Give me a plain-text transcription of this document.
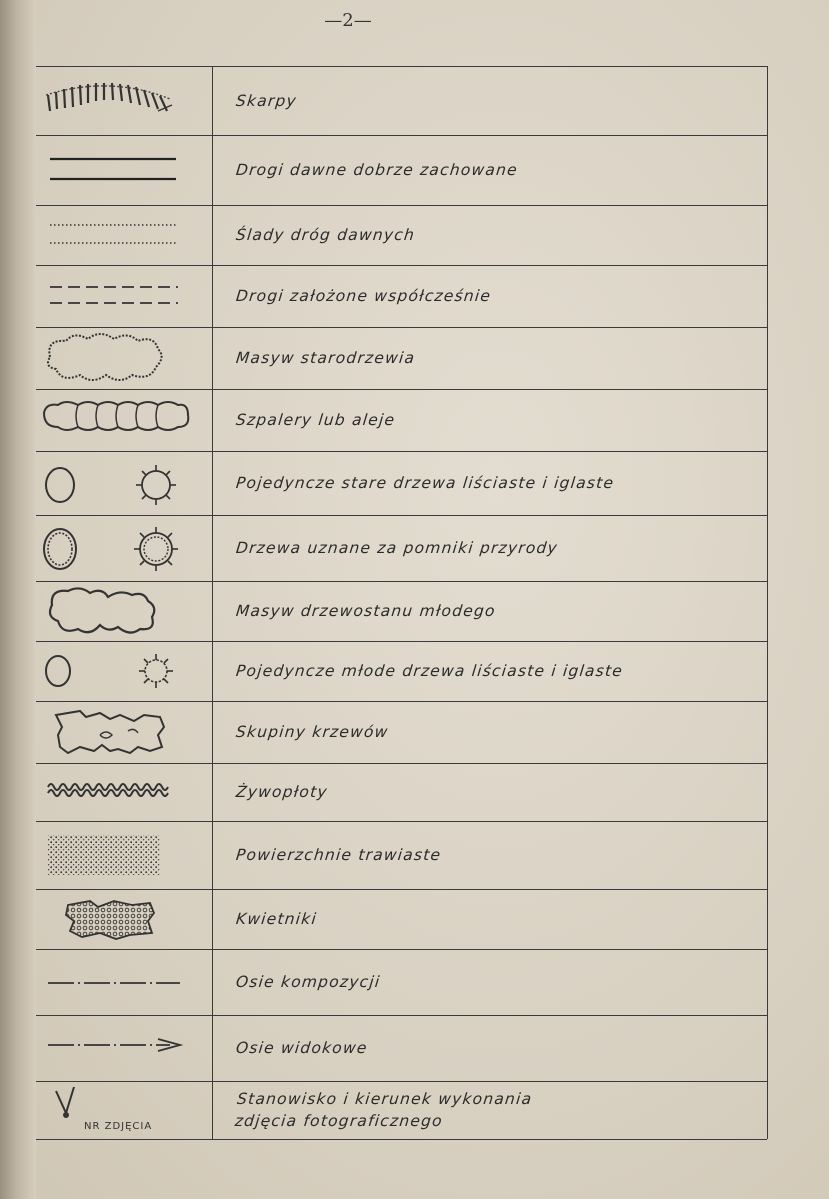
—2—
Skarpy
Drogi dawne dobrze zachowane
Ślady dróg dawnych
Drogi założone współcześnie
Masyw starodrzewia
Szpalery lub aleje
Pojedyncze stare drzewa liściaste i iglaste
Drzewa uznane za pomniki przyrody
Masyw drzewostanu młodego
Pojedyncze młode drzewa liściaste i iglaste
Skupiny krzewów
Żywopłoty
Powierzchnie trawiaste
Kwietniki
Osie kompozycji
Osie widokowe
NR ZDJĘCIA
Stanowisko i kierunek wykonania
zdjęcia fotograficznego
